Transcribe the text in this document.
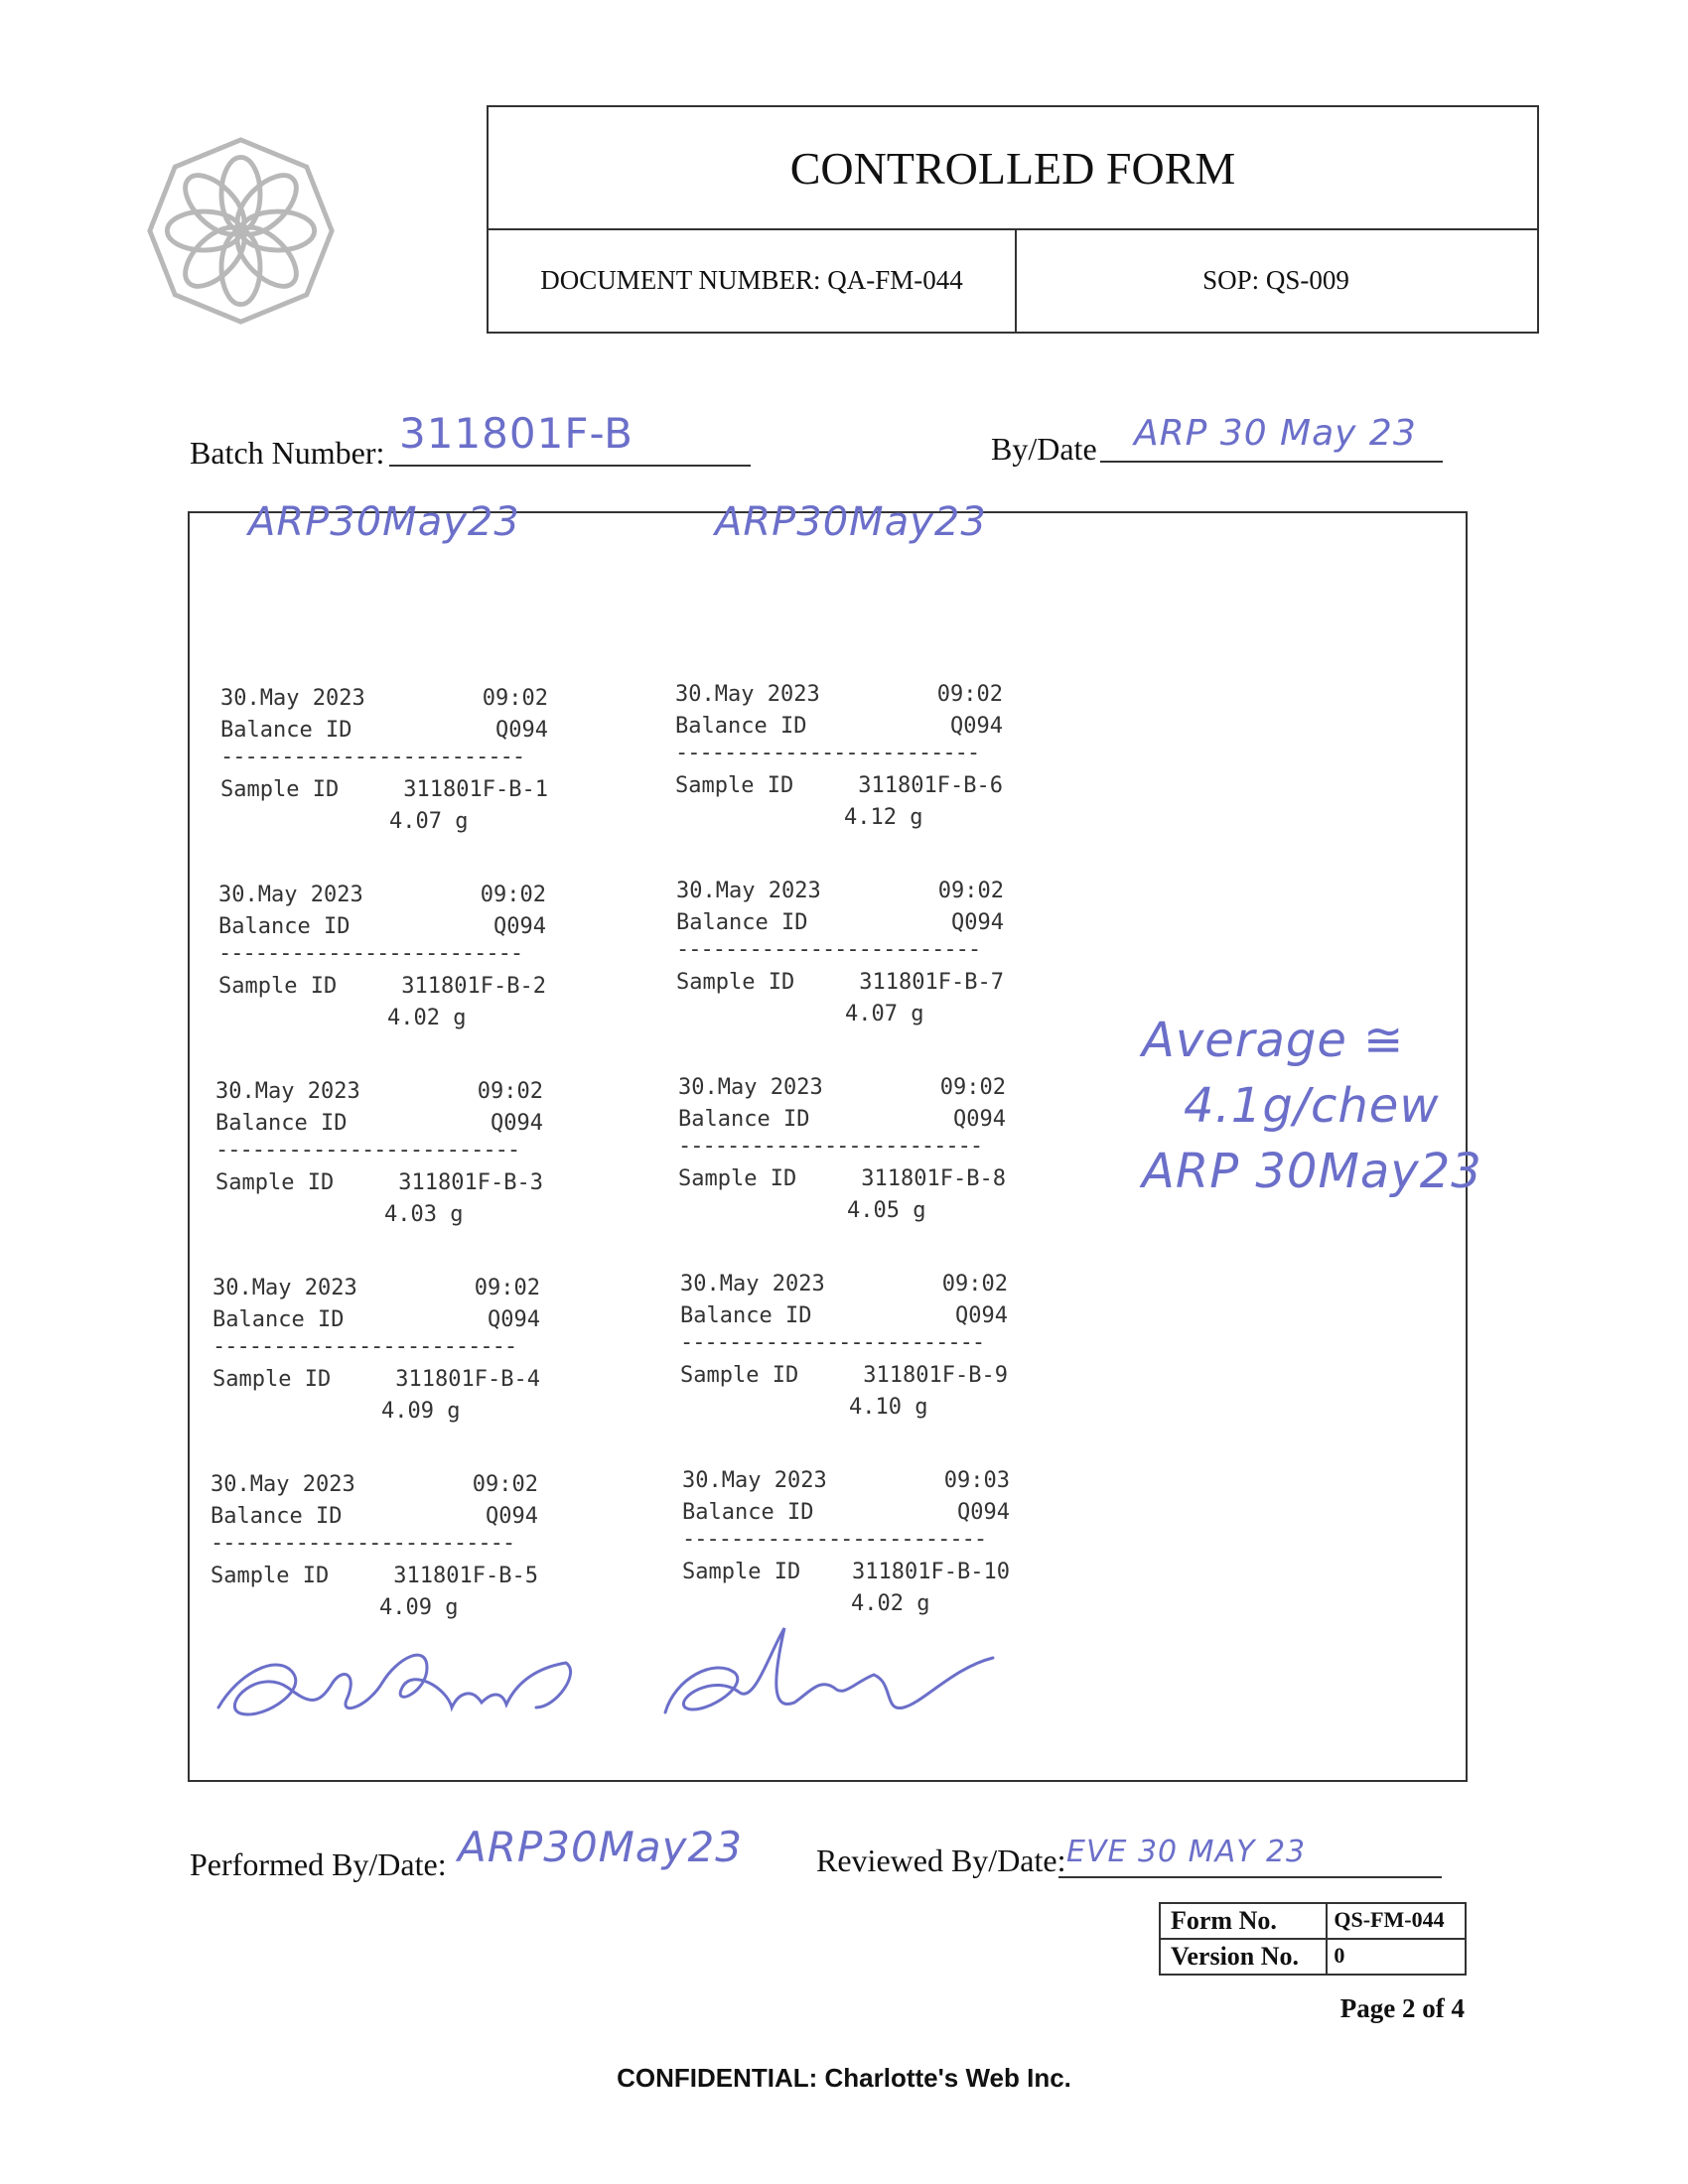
CONTROLLED FORM
DOCUMENT NUMBER: QA-FM-044	SOP: QS-009
Batch Number: 311801F-B	By/Date ARP 30 May 23
ARP30May23	ARP30May23
30.May 2023	09:02
Balance ID	Q094
-------------------------
Sample ID	311801F-B-1
4.07 g
30.May 2023	09:02
Balance ID	Q094
-------------------------
Sample ID	311801F-B-2
4.02 g
30.May 2023	09:02
Balance ID	Q094
-------------------------
Sample ID	311801F-B-3
4.03 g
30.May 2023	09:02
Balance ID	Q094
-------------------------
Sample ID	311801F-B-4
4.09 g
30.May 2023	09:02
Balance ID	Q094
-------------------------
Sample ID	311801F-B-5
4.09 g
30.May 2023	09:02
Balance ID	Q094
-------------------------
Sample ID	311801F-B-6
4.12 g
30.May 2023	09:02
Balance ID	Q094
-------------------------
Sample ID	311801F-B-7
4.07 g
30.May 2023	09:02
Balance ID	Q094
-------------------------
Sample ID	311801F-B-8
4.05 g
30.May 2023	09:02
Balance ID	Q094
-------------------------
Sample ID	311801F-B-9
4.10 g
30.May 2023	09:03
Balance ID	Q094
-------------------------
Sample ID 311801F-B-10
4.02 g
Average ≅
4.1g/chew
ARP 30May23
Performed By/Date: ARP30May23 Reviewed By/Date: EVE 30 MAY 23
Form No.	QS-FM-044
Version No.	0
Page 2 of 4
CONFIDENTIAL: Charlotte's Web Inc.
